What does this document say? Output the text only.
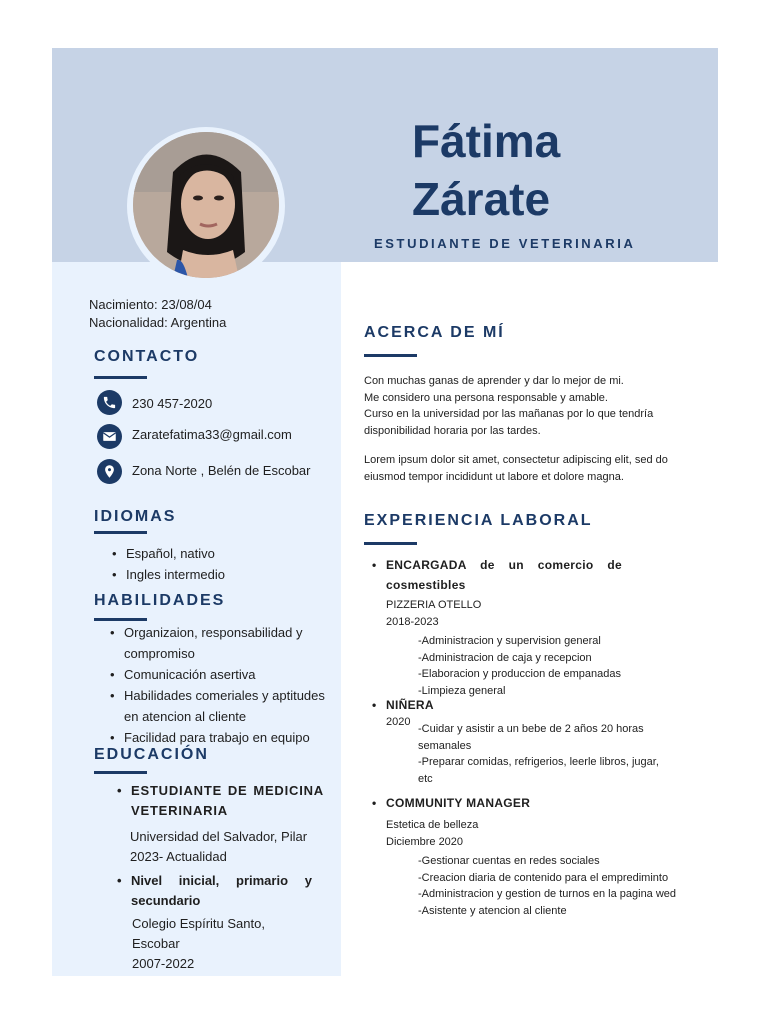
Fátima
Zárate
ESTUDIANTE DE VETERINARIA
Nacimiento: 23/08/04
Nacionalidad: Argentina
CONTACTO
230 457-2020
Zaratefatima33@gmail.com
Zona Norte , Belén de Escobar
IDIOMAS
• Español, nativo
• Ingles intermedio
HABILIDADES
• Organizaion, responsabilidad y compromiso
• Comunicación asertiva
• Habilidades comeriales y aptitudes en atencion al cliente
• Facilidad para trabajo en equipo
EDUCACIÓN
• ESTUDIANTE DE MEDICINA VETERINARIA
Universidad del Salvador, Pilar
2023- Actualidad
• Nivel inicial, primario y secundario
Colegio Espíritu Santo, Escobar
2007-2022
ACERCA DE MÍ
Con muchas ganas de aprender y dar lo mejor de mi.
Me considero una persona responsable y amable.
Curso en la universidad por las mañanas por lo que tendría disponibilidad horaria por las tardes.
Lorem ipsum dolor sit amet, consectetur adipiscing elit, sed do eiusmod tempor incididunt ut labore et dolore magna.
EXPERIENCIA LABORAL
• ENCARGADA de un comercio de cosmestibles
PIZZERIA OTELLO
2018-2023
-Administracion y supervision general
-Administracion de caja y recepcion
-Elaboracion y produccion de empanadas
-Limpieza general
• NIÑERA
2020
-Cuidar y asistir a un bebe de 2 años 20 horas semanales
-Preparar comidas, refrigerios, leerle libros, jugar, etc
• COMMUNITY MANAGER
Estetica de belleza
Diciembre 2020
-Gestionar cuentas en redes sociales
-Creacion diaria de contenido para el emprediminto
-Administracion y gestion de turnos en la pagina wed
-Asistente y atencion al cliente
